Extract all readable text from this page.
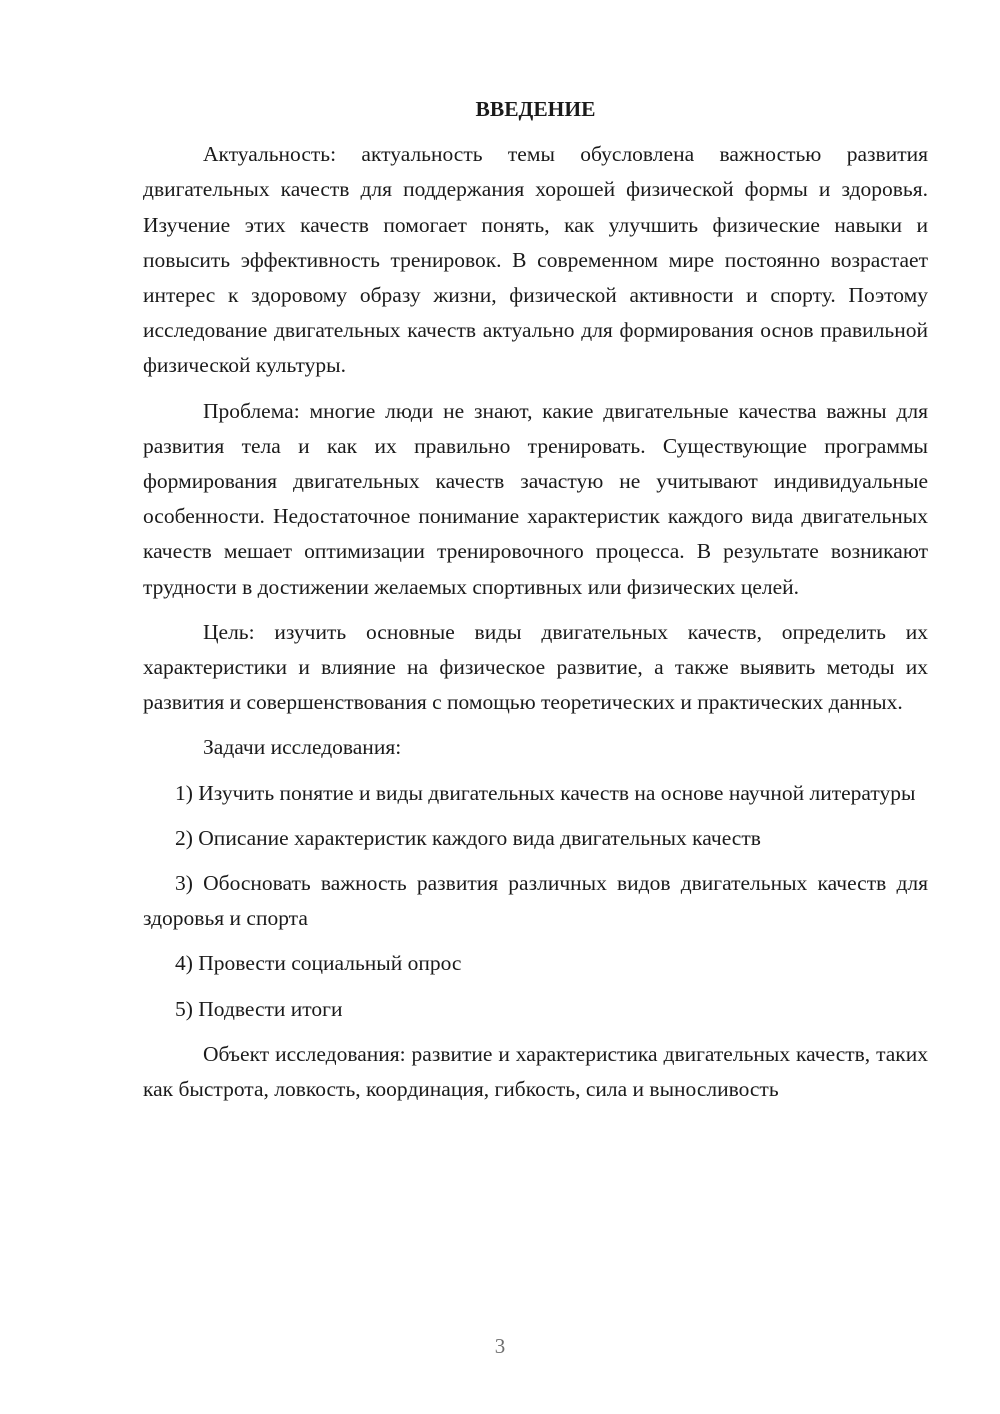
ВВЕДЕНИЕ

Актуальность: актуальность темы обусловлена важностью развития двигательных качеств для поддержания хорошей физической формы и здоровья. Изучение этих качеств помогает понять, как улучшить физические навыки и повысить эффективность тренировок. В современном мире постоянно возрастает интерес к здоровому образу жизни, физической активности и спорту. Поэтому исследование двигательных качеств актуально для формирования основ правильной физической культуры.

Проблема: многие люди не знают, какие двигательные качества важны для развития тела и как их правильно тренировать. Существующие программы формирования двигательных качеств зачастую не учитывают индивидуальные особенности. Недостаточное понимание характеристик каждого вида двигательных качеств мешает оптимизации тренировочного процесса. В результате возникают трудности в достижении желаемых спортивных или физических целей.

Цель: изучить основные виды двигательных качеств, определить их характеристики и влияние на физическое развитие, а также выявить методы их развития и совершенствования с помощью теоретических и практических данных.

Задачи исследования:

1) Изучить понятие и виды двигательных качеств на основе научной литературы

2) Описание характеристик каждого вида двигательных качеств

3) Обосновать важность развития различных видов двигательных качеств для здоровья и спорта

4) Провести социальный опрос

5) Подвести итоги

Объект исследования: развитие и характеристика двигательных качеств, таких как быстрота, ловкость, координация, гибкость, сила и выносливость

3
